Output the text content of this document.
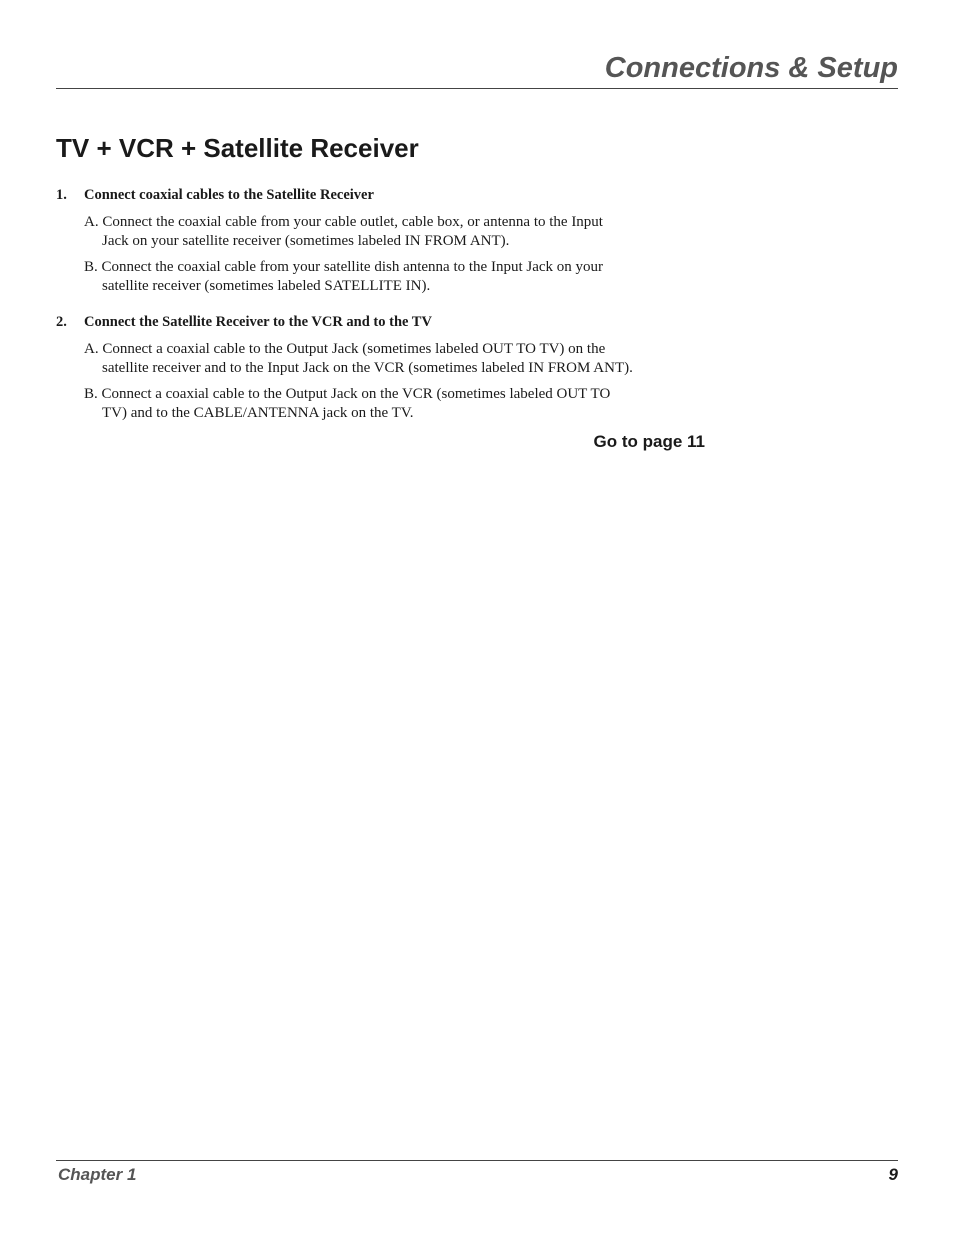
Connections & Setup
TV + VCR + Satellite Receiver
1. Connect coaxial cables to the Satellite Receiver
A. Connect the coaxial cable from your cable outlet, cable box, or antenna to the Input
Jack on your satellite receiver (sometimes labeled IN FROM ANT).
B. Connect the coaxial cable from your satellite dish antenna to the Input Jack on your
satellite receiver (sometimes labeled SATELLITE IN).
2. Connect the Satellite Receiver to the VCR and to the TV
A. Connect a coaxial cable to the Output Jack (sometimes labeled OUT TO TV) on the
satellite receiver and to the Input Jack on the VCR (sometimes labeled IN FROM ANT).
B. Connect a coaxial cable to the Output Jack on the VCR (sometimes labeled OUT TO
TV) and to the CABLE/ANTENNA jack on the TV.
Go to page 11
Chapter 1	9
